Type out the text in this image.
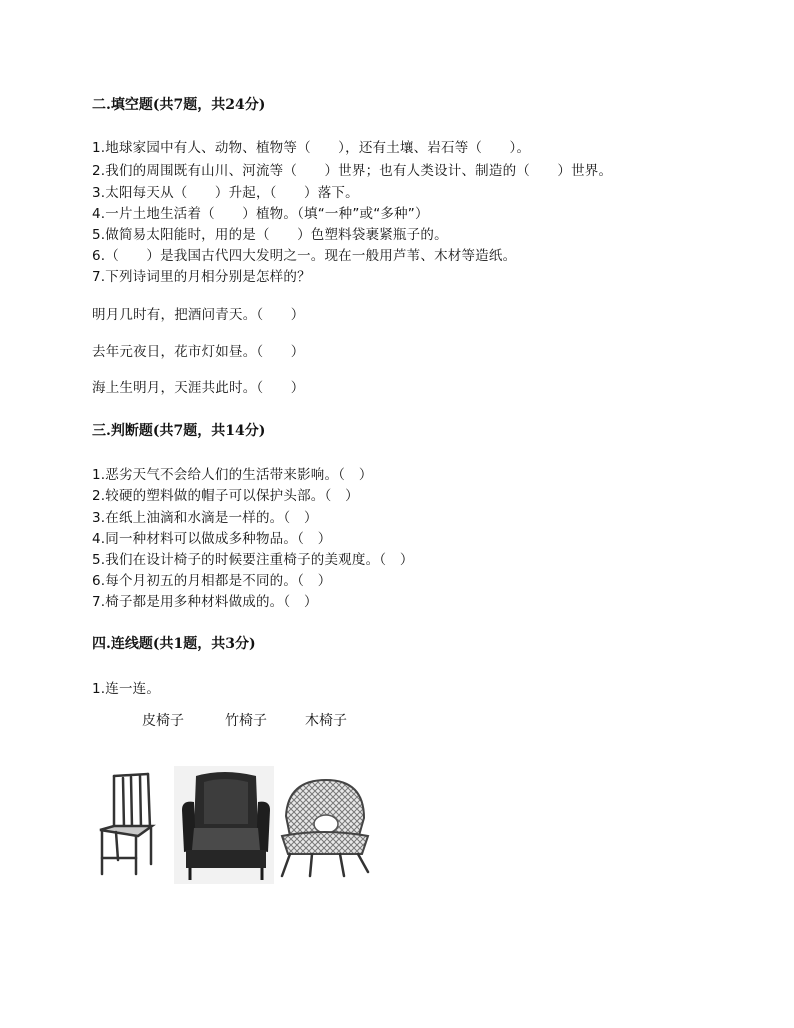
二.填空题(共7题，共24分)
1.地球家园中有人、动物、植物等（　　），还有土壤、岩石等（　　）。
2.我们的周围既有山川、河流等（　　）世界；也有人类设计、制造的（　　）世界。
3.太阳每天从（　　）升起，（　　）落下。
4.一片土地生活着（　　）植物。（填“一种”或“多种”）
5.做简易太阳能时，用的是（　　）色塑料袋裹紧瓶子的。
6.（　　）是我国古代四大发明之一。现在一般用芦苇、木材等造纸。
7.下列诗词里的月相分别是怎样的？
明月几时有，把酒问青天。（　　）
去年元夜日，花市灯如昼。（　　）
海上生明月，天涯共此时。（　　）
三.判断题(共7题，共14分)
1.恶劣天气不会给人们的生活带来影响。（　）
2.较硬的塑料做的帽子可以保护头部。（　）
3.在纸上油滴和水滴是一样的。（　）
4.同一种材料可以做成多种物品。（　）
5.我们在设计椅子的时候要注重椅子的美观度。（　）
6.每个月初五的月相都是不同的。（　）
7.椅子都是用多种材料做成的。（　）
四.连线题(共1题，共3分)
1.连一连。
皮椅子	竹椅子	木椅子
